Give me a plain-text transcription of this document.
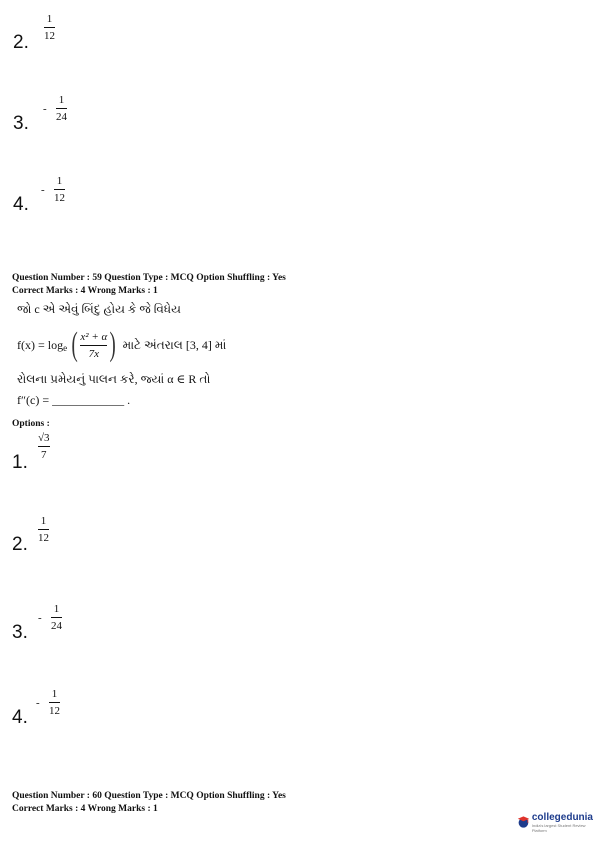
2.
1
12
3.
-
1
24
4.
-
1
12
Question Number : 59 Question Type : MCQ Option Shuffling : Yes
Correct Marks : 4 Wrong Marks : 1
જો c એ એવું બિંદુ હોય કે જે વિધેય
f(x) = log e ( $\frac{\text{x² + α}}{7x}$ ) માટે અંતરાલ [3, 4] માં
રોલના પ્રમેયનું પાલન કરે, જ્યાં α ∈ R તો
f″(c) = ____________ .
Options :
1.
√3
7
2.
1
12
3.
-
1
24
4.
-
1
12
Question Number : 60 Question Type : MCQ Option Shuffling : Yes
Correct Marks : 4 Wrong Marks : 1
collegedunia
India's largest Student Review Platform
